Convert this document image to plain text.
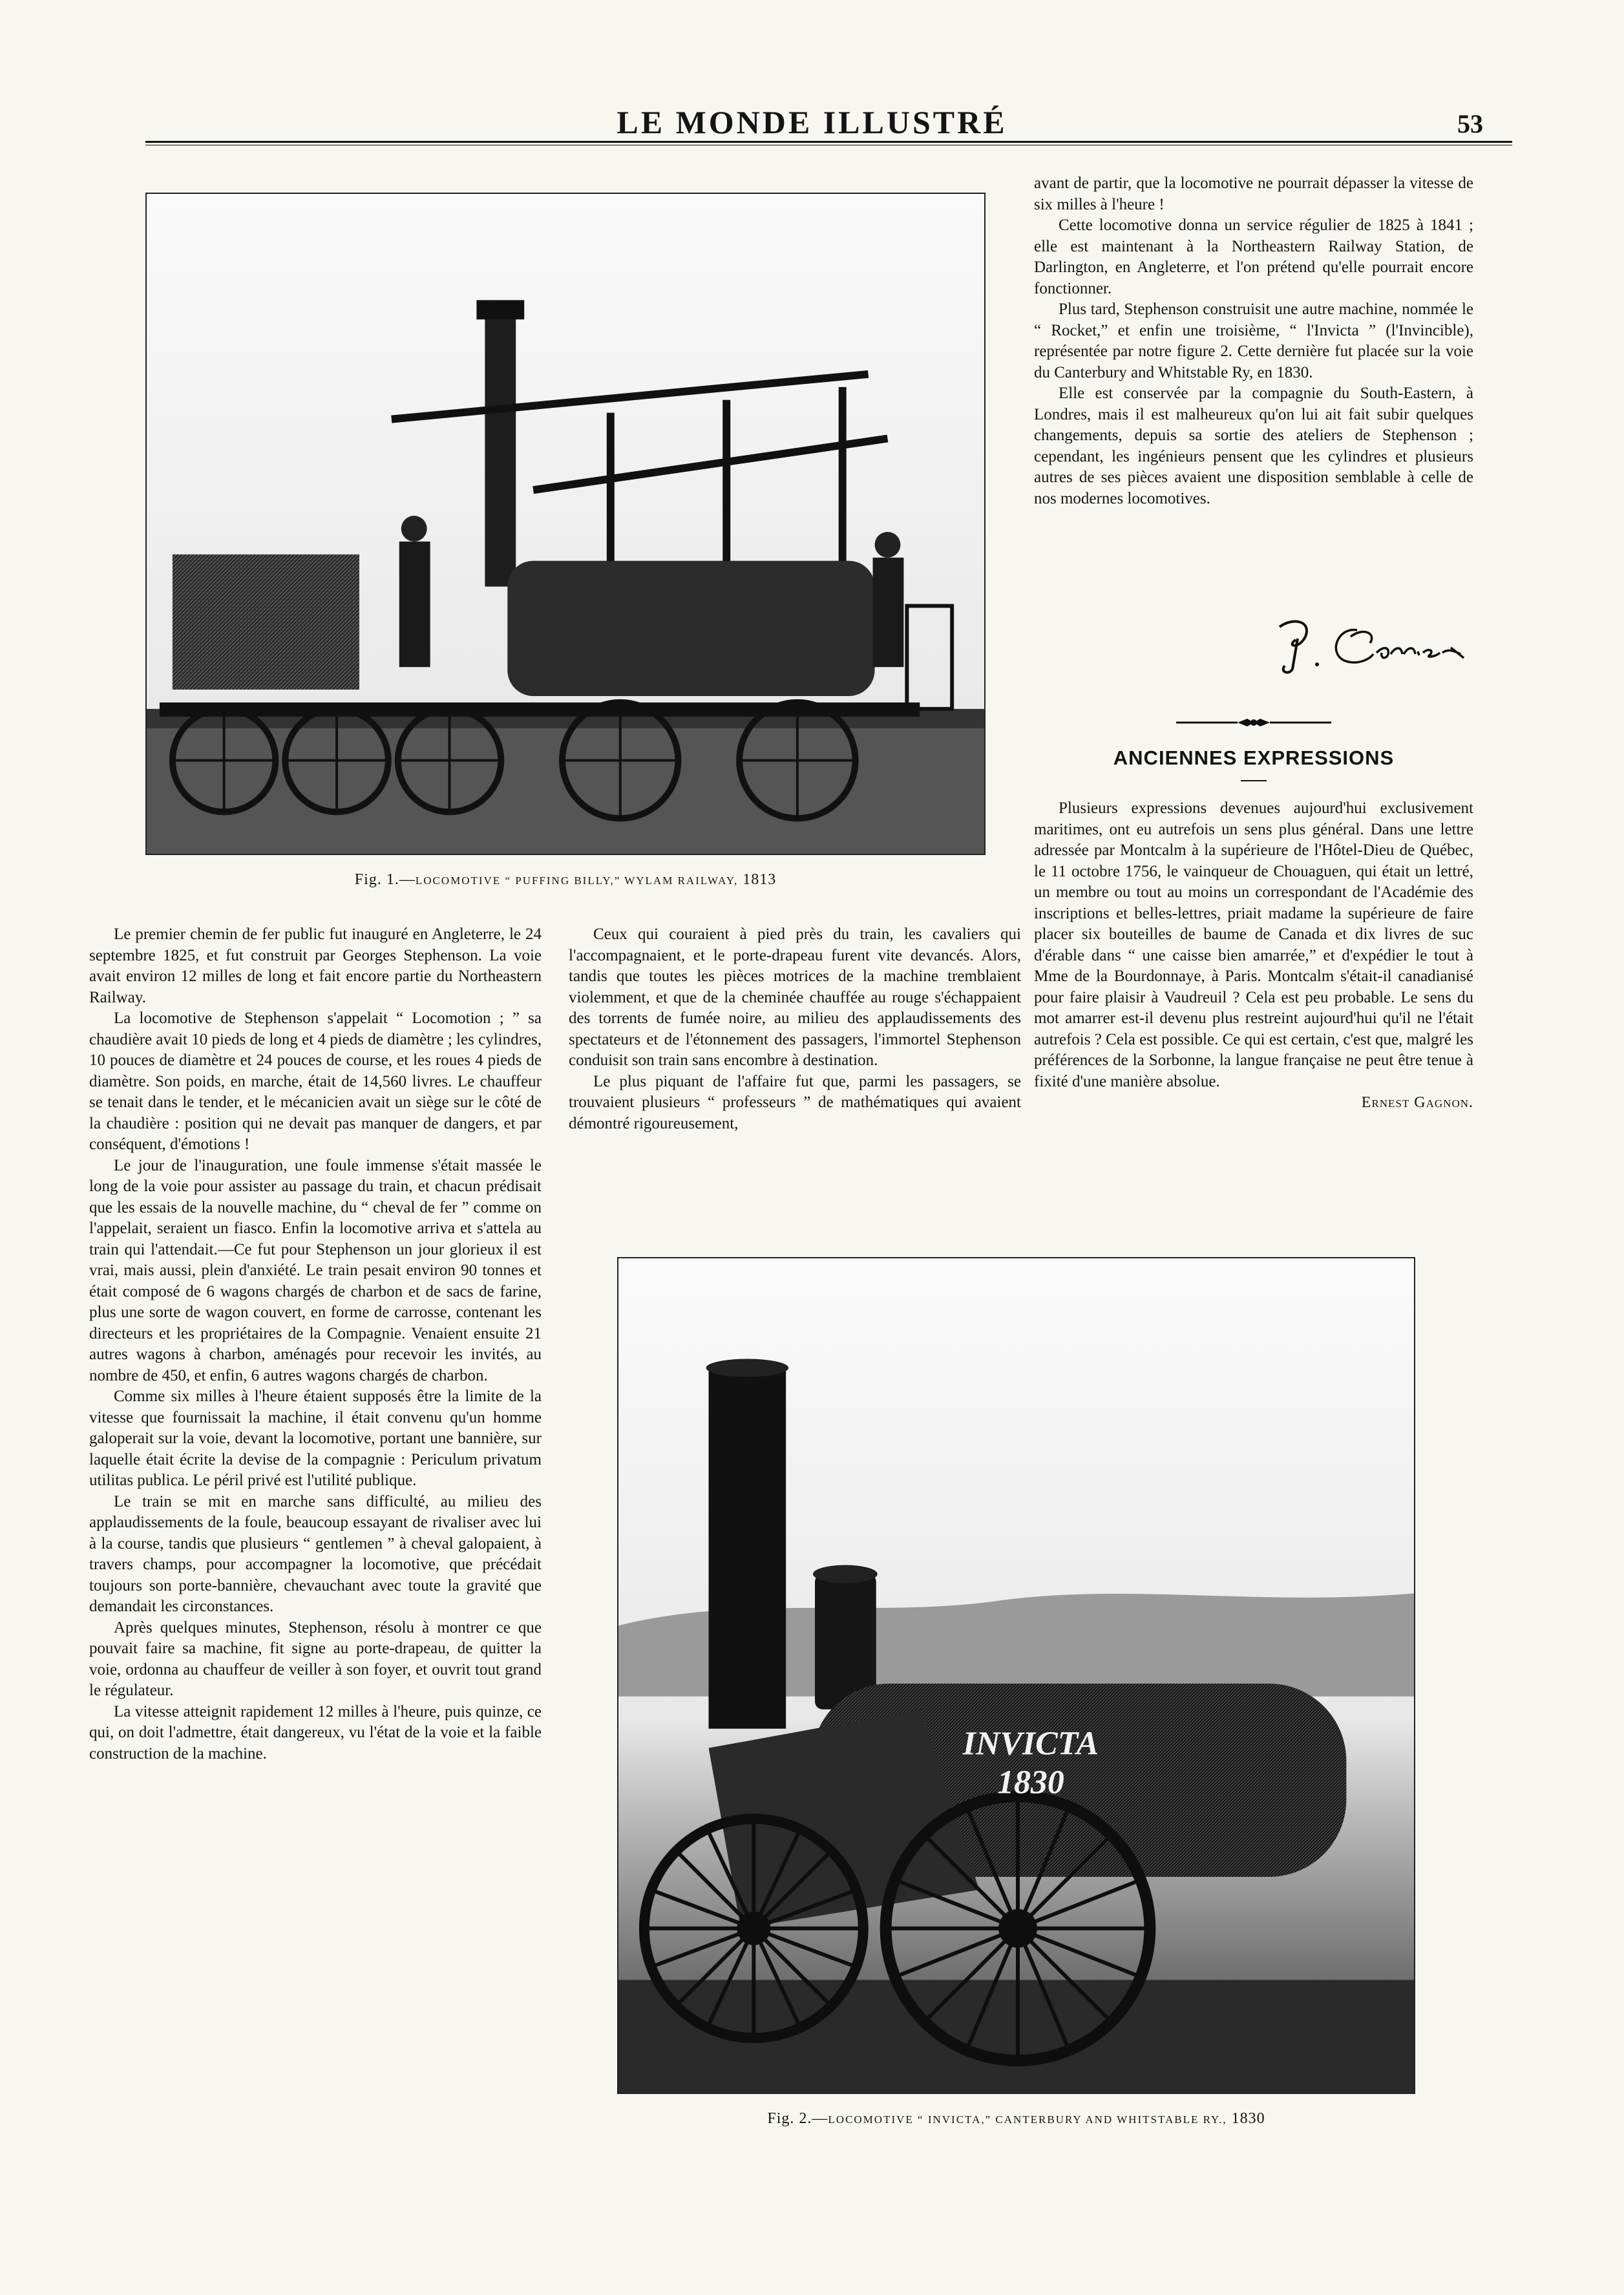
LE MONDE ILLUSTRÉ	53
Fig. 1.—LOCOMOTIVE “ PUFFING BILLY,” WYLAM RAILWAY, 1813

Le premier chemin de fer public fut inauguré en Angleterre, le 24 septembre 1825, et fut construit par Georges Stephenson. La voie avait environ 12 milles de long et fait encore partie du Northeastern Railway.

La locomotive de Stephenson s'appelait “ Locomotion ; ” sa chaudière avait 10 pieds de long et 4 pieds de diamètre ; les cylindres, 10 pouces de diamètre et 24 pouces de course, et les roues 4 pieds de diamètre. Son poids, en marche, était de 14,560 livres. Le chauffeur se tenait dans le tender, et le mécanicien avait un siège sur le côté de la chaudière : position qui ne devait pas manquer de dangers, et par conséquent, d'émotions !

Le jour de l'inauguration, une foule immense s'était massée le long de la voie pour assister au passage du train, et chacun prédisait que les essais de la nouvelle machine, du “ cheval de fer ” comme on l'appelait, seraient un fiasco. Enfin la locomotive arriva et s'attela au train qui l'attendait.—Ce fut pour Stephenson un jour glorieux il est vrai, mais aussi, plein d'anxiété. Le train pesait environ 90 tonnes et était composé de 6 wagons chargés de charbon et de sacs de farine, plus une sorte de wagon couvert, en forme de carrosse, contenant les directeurs et les propriétaires de la Compagnie. Venaient ensuite 21 autres wagons à charbon, aménagés pour recevoir les invités, au nombre de 450, et enfin, 6 autres wagons chargés de charbon.

Comme six milles à l'heure étaient supposés être la limite de la vitesse que fournissait la machine, il était convenu qu'un homme galoperait sur la voie, devant la locomotive, portant une bannière, sur laquelle était écrite la devise de la compagnie : Periculum privatum utilitas publica. Le péril privé est l'utilité publique.

Le train se mit en marche sans difficulté, au milieu des applaudissements de la foule, beaucoup essayant de rivaliser avec lui à la course, tandis que plusieurs “ gentlemen ” à cheval galopaient, à travers champs, pour accompagner la locomotive, que précédait toujours son porte-bannière, chevauchant avec toute la gravité que demandait les circonstances.

Après quelques minutes, Stephenson, résolu à montrer ce que pouvait faire sa machine, fit signe au porte-drapeau, de quitter la voie, ordonna au chauffeur de veiller à son foyer, et ouvrit tout grand le régulateur.

La vitesse atteignit rapidement 12 milles à l'heure, puis quinze, ce qui, on doit l'admettre, était dangereux, vu l'état de la voie et la faible construction de la machine.

Ceux qui couraient à pied près du train, les cavaliers qui l'accompagnaient, et le porte-drapeau furent vite devancés. Alors, tandis que toutes les pièces motrices de la machine tremblaient violemment, et que de la cheminée chauffée au rouge s'échappaient des torrents de fumée noire, au milieu des applaudissements des spectateurs et de l'étonnement des passagers, l'immortel Stephenson conduisit son train sans encombre à destination.

Le plus piquant de l'affaire fut que, parmi les passagers, se trouvaient plusieurs “ professeurs ” de mathématiques qui avaient démontré rigoureusement,

avant de partir, que la locomotive ne pourrait dépasser la vitesse de six milles à l'heure !

Cette locomotive donna un service régulier de 1825 à 1841 ; elle est maintenant à la Northeastern Railway Station, de Darlington, en Angleterre, et l'on prétend qu'elle pourrait encore fonctionner.

Plus tard, Stephenson construisit une autre machine, nommée le “ Rocket,” et enfin une troisième, “ l'Invicta ” (l'Invincible), représentée par notre figure 2. Cette dernière fut placée sur la voie du Canterbury and Whitstable Ry, en 1830.

Elle est conservée par la compagnie du South-Eastern, à Londres, mais il est malheureux qu'on lui ait fait subir quelques changements, depuis sa sortie des ateliers de Stephenson ; cependant, les ingénieurs pensent que les cylindres et plusieurs autres de ses pièces avaient une disposition semblable à celle de nos modernes locomotives.

ANCIENNES EXPRESSIONS

Plusieurs expressions devenues aujourd'hui exclusivement maritimes, ont eu autrefois un sens plus général. Dans une lettre adressée par Montcalm à la supérieure de l'Hôtel-Dieu de Québec, le 11 octobre 1756, le vainqueur de Chouaguen, qui était un lettré, un membre ou tout au moins un correspondant de l'Académie des inscriptions et belles-lettres, priait madame la supérieure de faire placer six bouteilles de baume de Canada et dix livres de suc d'érable dans “ une caisse bien amarrée,” et d'expédier le tout à Mme de la Bourdonnaye, à Paris. Montcalm s'était-il canadianisé pour faire plaisir à Vaudreuil ? Cela est peu probable. Le sens du mot amarrer est-il devenu plus restreint aujourd'hui qu'il ne l'était autrefois ? Cela est possible. Ce qui est certain, c'est que, malgré les préférences de la Sorbonne, la langue française ne peut être tenue à fixité d'une manière absolue.

Ernest Gagnon.

INVICTA
1830
Fig. 2.—LOCOMOTIVE “ INVICTA,” CANTERBURY AND WHITSTABLE RY., 1830
